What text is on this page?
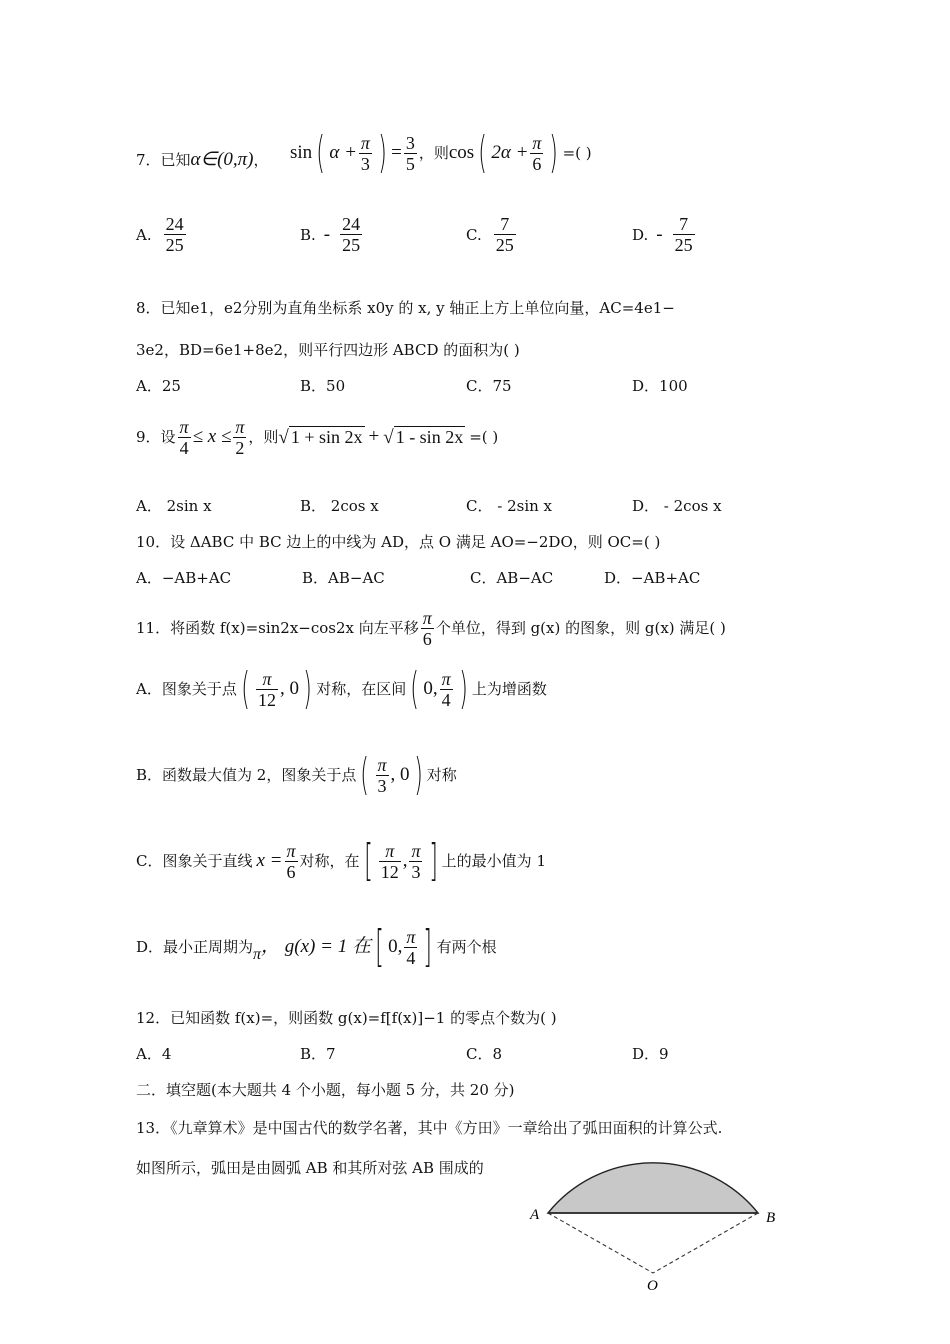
7．已知α∈(0,π)， sin ( $\alpha + \frac{\pi}{3}$ ) = $\frac{3}{5}$ ，则 cos ( $2\alpha + \frac{\pi}{6}$ ) =( )
A. $\frac{24}{25}$	B. - $\frac{24}{25}$	C. $\frac{7}{25}$	D. - $\frac{7}{25}$
8．已知e1，e2分别为直角坐标系 x0y 的 x, y 轴正上方上单位向量，AC=4e1−
3e2，BD=6e1+8e2，则平行四边形 ABCD 的面积为( )
A．25	B．50	C．75	D．100
9．设 $\frac{\pi}{4} \le x \le \frac{\pi}{2}$ ，则 √ 1 + sin 2x + √ 1 - sin 2x =( )
A． 2sin x	B． 2cos x	C． - 2sin x	D． - 2cos x
10．设 ΔABC 中 BC 边上的中线为 AD，点 O 满足 AO=−2DO，则 OC=( )
A．−AB+AC	B．AB−AC	C．AB−AC	D．−AB+AC
11．将函数 f(x)=sin2x−cos2x 向左平移 $\frac{\pi}{6}$ 个单位，得到 g(x) 的图象，则 g(x) 满足( )
A．图象关于点 ( $\frac{\pi}{12}$ , 0 ) 对称，在区间 ( 0, $\frac{\pi}{4}$ ) 上为增函数
B．函数最大值为 2，图象关于点 ( $\frac{\pi}{3}$ , 0 ) 对称
C．图象关于直线 $x = \frac{\pi}{6}$ 对称，在 [ $\frac{\pi}{12}$ , $\frac{\pi}{3}$ ] 上的最小值为 1
D．最小正周期为 π ， g(x) = 1 在 [ 0, $\frac{\pi}{4}$ ] 有两个根
12．已知函数 f(x)=，则函数 g(x)=f[f(x)]−1 的零点个数为( )
A．4	B．7	C．8	D．9
二．填空题(本大题共 4 个小题，每小题 5 分，共 20 分)
13．《九章算术》是中国古代的数学名著，其中《方田》一章给出了弧田面积的计算公式.
如图所示，弧田是由圆弧 AB 和其所对弦 AB 围成的
A	B
O
